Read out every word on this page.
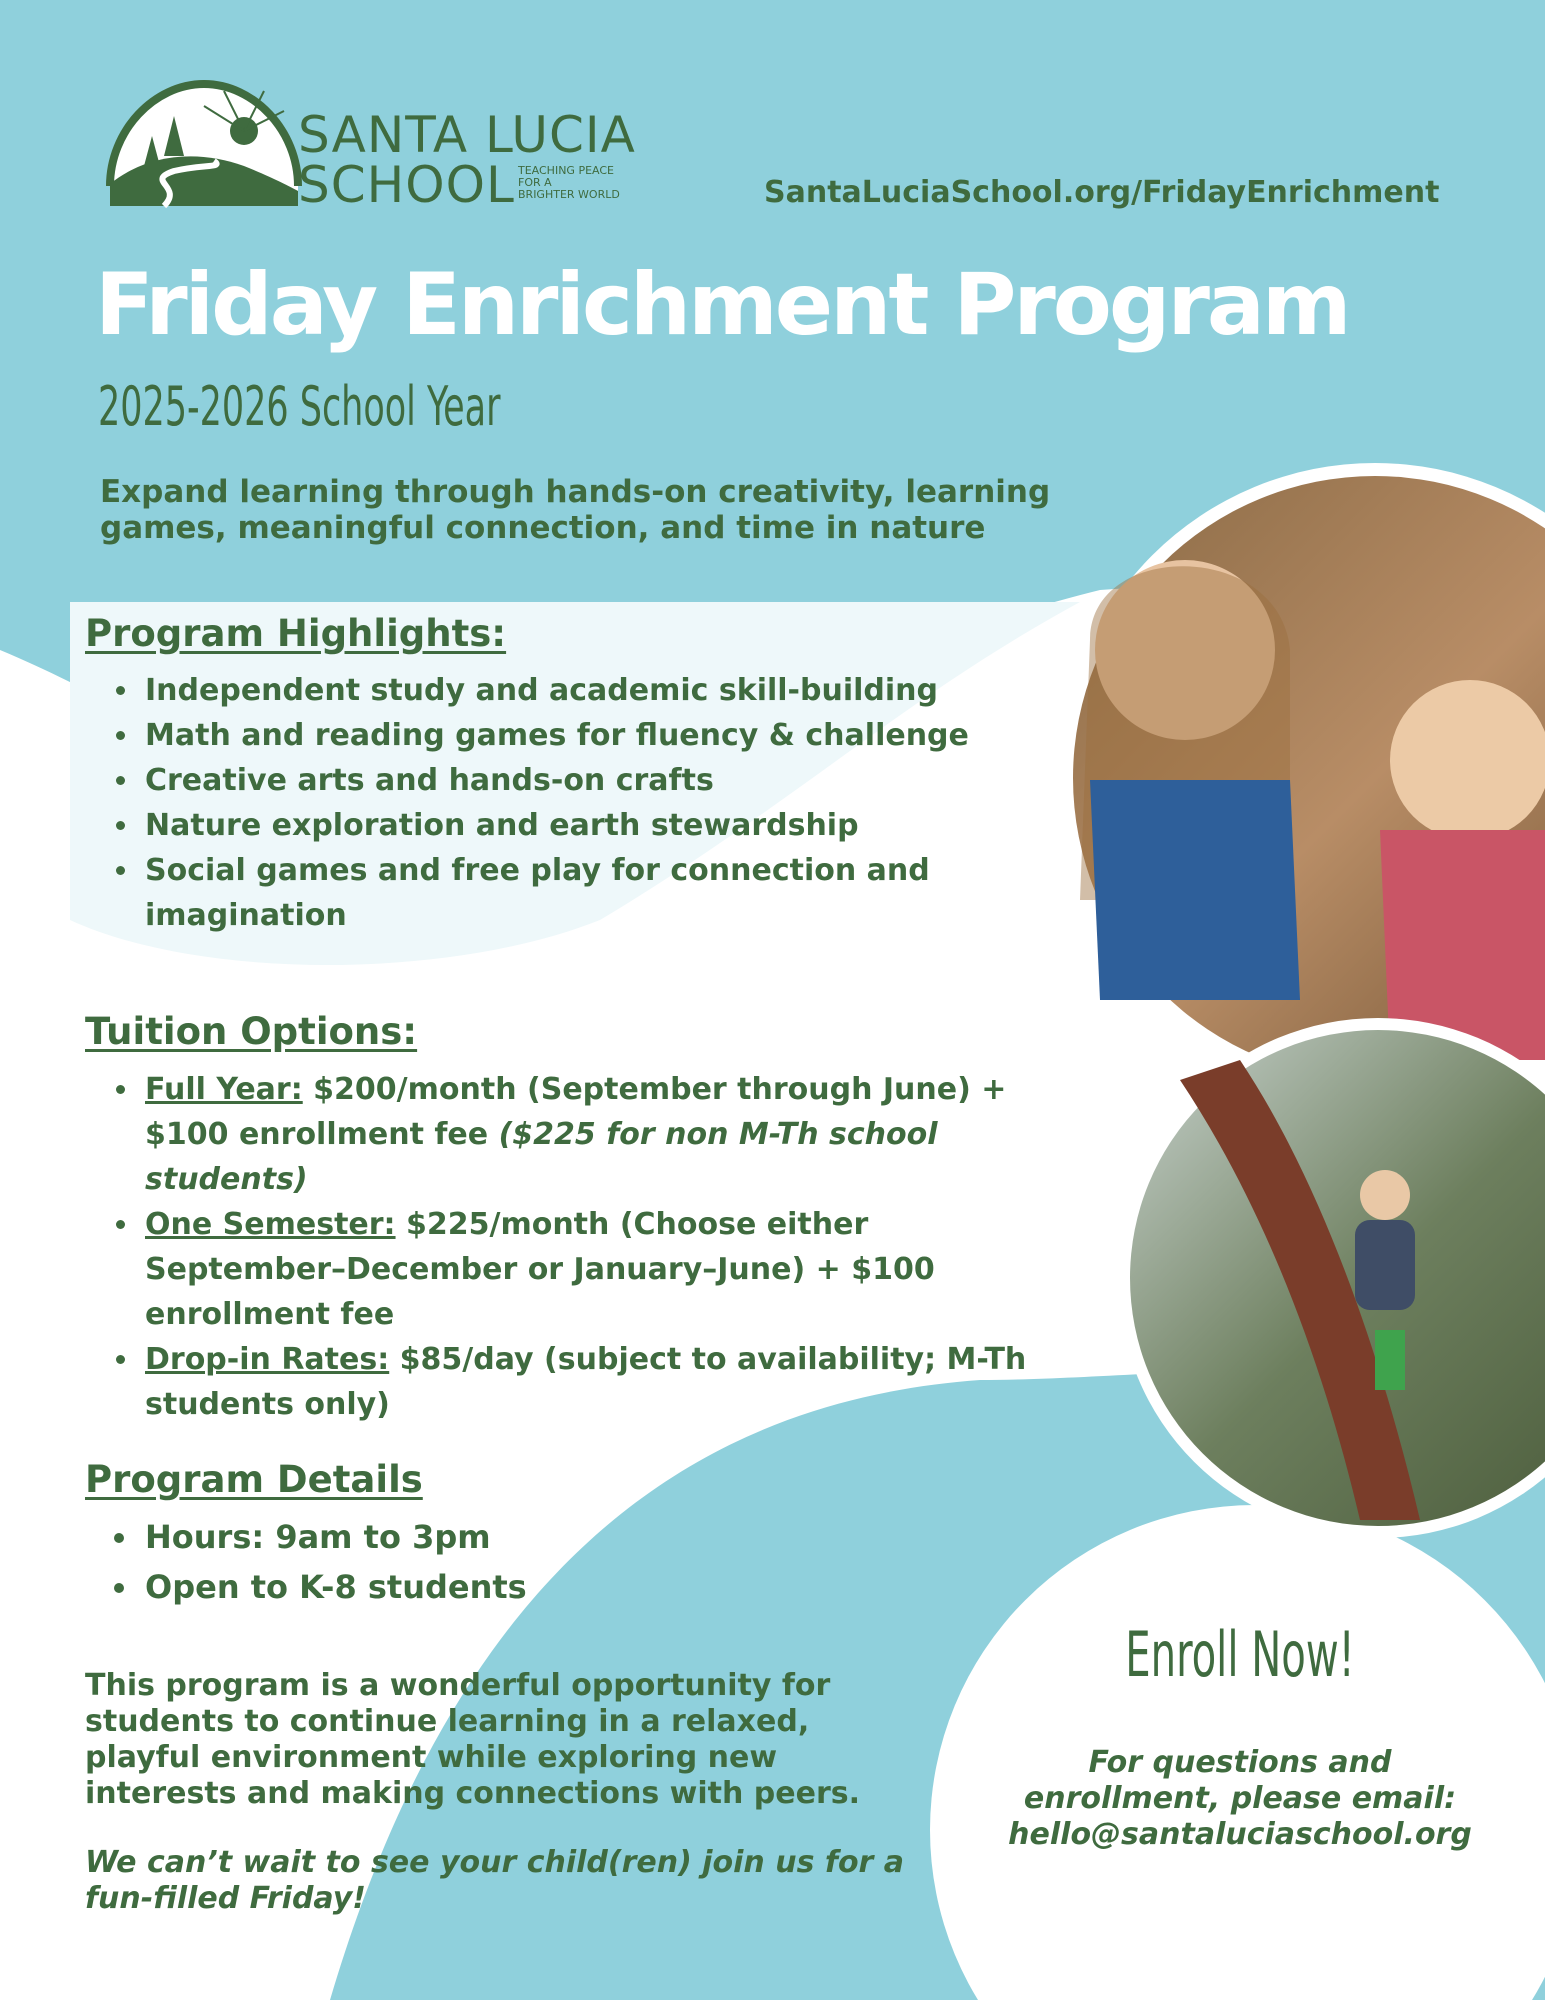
SANTA LUCIA
SCHOOL TEACHING PEACE
FOR A
BRIGHTER WORLD	SantaLuciaSchool.org/FridayEnrichment
Friday Enrichment Program
2025-2026 School Year
Expand learning through hands-on creativity, learning
games, meaningful connection, and time in nature
Program Highlights:
• Independent study and academic skill-building
• Math and reading games for fluency & challenge
• Creative arts and hands-on crafts
• Nature exploration and earth stewardship
• Social games and free play for connection and imagination
Tuition Options:
• Full Year: $200/month (September through June) + $100 enrollment fee ($225 for non M-Th school students)
• One Semester: $225/month (Choose either September–December or January–June) + $100 enrollment fee
• Drop-in Rates: $85/day (subject to availability; M-Th students only)
Program Details
• Hours: 9am to 3pm
• Open to K-8 students
This program is a wonderful opportunity for students to continue learning in a relaxed, playful environment while exploring new interests and making connections with peers.
We can’t wait to see your child(ren) join us for a fun-filled Friday!
Enroll Now!
For questions and
enrollment, please email:
hello@santaluciaschool.org
